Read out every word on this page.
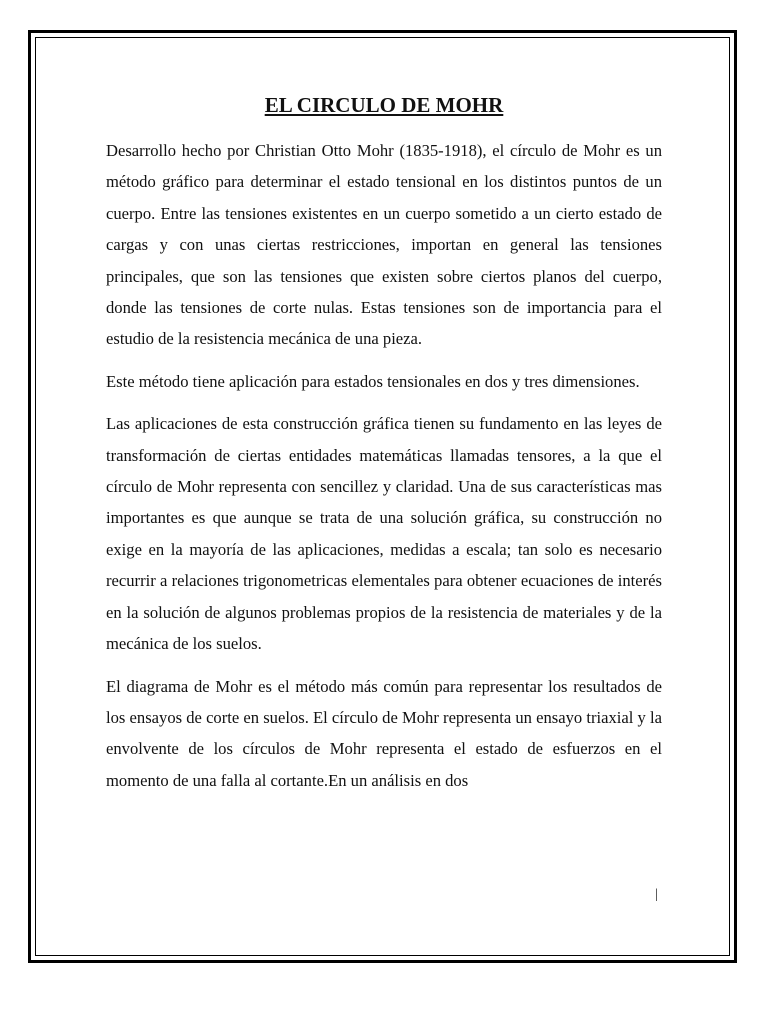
EL CIRCULO DE MOHR

Desarrollo hecho por Christian Otto Mohr (1835-1918), el círculo de Mohr es un método gráfico para determinar el estado tensional en los distintos puntos de un cuerpo. Entre las tensiones existentes en un cuerpo sometido a un cierto estado de cargas y con unas ciertas restricciones, importan en general las tensiones principales, que son las tensiones que existen sobre ciertos planos del cuerpo, donde las tensiones de corte nulas. Estas tensiones son de importancia para el estudio de la resistencia mecánica de una pieza.

Este método tiene aplicación para estados tensionales en dos y tres dimensiones.

Las aplicaciones de esta construcción gráfica tienen su fundamento en las leyes de transformación de ciertas entidades matemáticas llamadas tensores, a la que el círculo de Mohr representa con sencillez y claridad. Una de sus características mas importantes es que aunque se trata de una solución gráfica, su construcción no exige en la mayoría de las aplicaciones, medidas a escala; tan solo es necesario recurrir a relaciones trigonometricas elementales para obtener ecuaciones de interés en la solución de algunos problemas propios de la resistencia de materiales y de la mecánica de los suelos.

El diagrama de Mohr es el método más común para representar los resultados de los ensayos de corte en suelos. El círculo de Mohr representa un ensayo triaxial y la envolvente de los círculos de Mohr representa el estado de esfuerzos en el momento de una falla al cortante.En un análisis en dos

|
